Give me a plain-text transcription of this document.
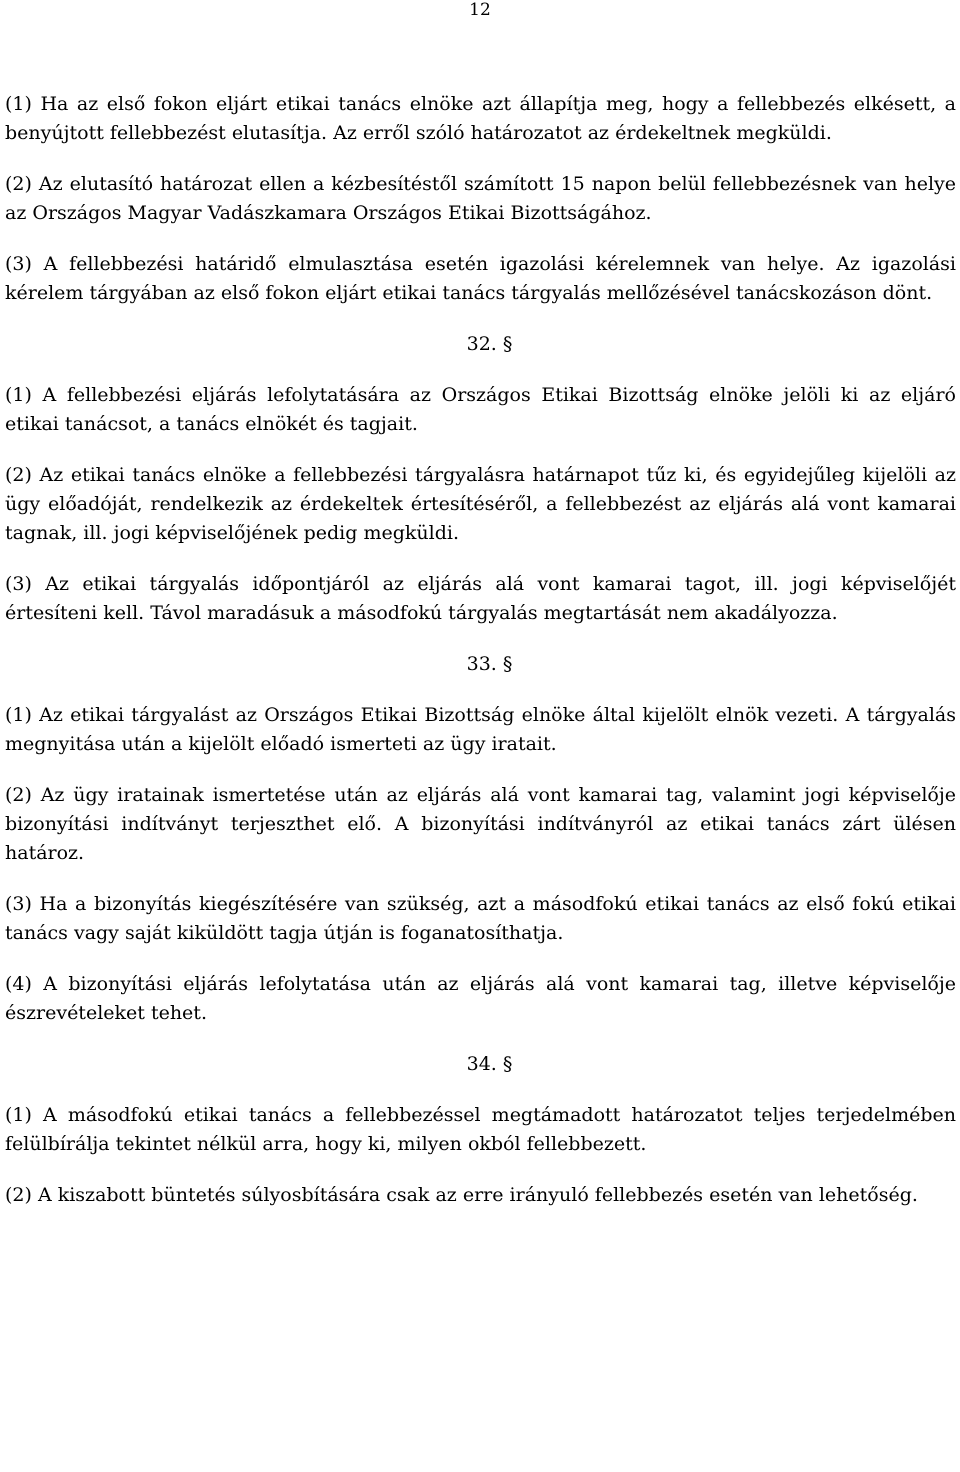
12

(1) Ha az első fokon eljárt etikai tanács elnöke azt állapítja meg, hogy a fellebbezés elkésett, a benyújtott fellebbezést elutasítja. Az erről szóló határozatot az érdekeltnek megküldi.

(2) Az elutasító határozat ellen a kézbesítéstől számított 15 napon belül fellebbezésnek van helye az Országos Magyar Vadászkamara Országos Etikai Bizottságához.

(3) A fellebbezési határidő elmulasztása esetén igazolási kérelemnek van helye. Az igazolási kérelem tárgyában az első fokon eljárt etikai tanács tárgyalás mellőzésével tanácskozáson dönt.

32. §

(1) A fellebbezési eljárás lefolytatására az Országos Etikai Bizottság elnöke jelöli ki az eljáró etikai tanácsot, a tanács elnökét és tagjait.

(2) Az etikai tanács elnöke a fellebbezési tárgyalásra határnapot tűz ki, és egyidejűleg kijelöli az ügy előadóját, rendelkezik az érdekeltek értesítéséről, a fellebbezést az eljárás alá vont kamarai tagnak, ill. jogi képviselőjének pedig megküldi.

(3) Az etikai tárgyalás időpontjáról az eljárás alá vont kamarai tagot, ill. jogi képviselőjét értesíteni kell. Távol maradásuk a másodfokú tárgyalás megtartását nem akadályozza.

33. §

(1) Az etikai tárgyalást az Országos Etikai Bizottság elnöke által kijelölt elnök vezeti. A tárgyalás megnyitása után a kijelölt előadó ismerteti az ügy iratait.

(2) Az ügy iratainak ismertetése után az eljárás alá vont kamarai tag, valamint jogi képviselője bizonyítási indítványt terjeszthet elő. A bizonyítási indítványról az etikai tanács zárt ülésen határoz.

(3) Ha a bizonyítás kiegészítésére van szükség, azt a másodfokú etikai tanács az első fokú etikai tanács vagy saját kiküldött tagja útján is foganatosíthatja.

(4) A bizonyítási eljárás lefolytatása után az eljárás alá vont kamarai tag, illetve képviselője észrevételeket tehet.

34. §

(1) A másodfokú etikai tanács a fellebbezéssel megtámadott határozatot teljes terjedelmében felülbírálja tekintet nélkül arra, hogy ki, milyen okból fellebbezett.

(2) A kiszabott büntetés súlyosbítására csak az erre irányuló fellebbezés esetén van lehetőség.
